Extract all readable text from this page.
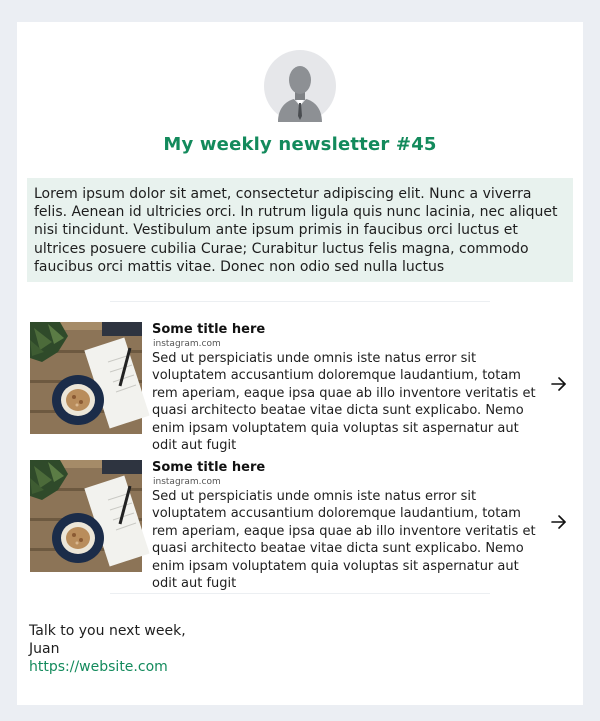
My weekly newsletter #45
Lorem ipsum dolor sit amet, consectetur adipiscing elit. Nunc a viverra felis. Aenean id ultricies orci. In rutrum ligula quis nunc lacinia, nec aliquet nisi tincidunt. Vestibulum ante ipsum primis in faucibus orci luctus et ultrices posuere cubilia Curae; Curabitur luctus felis magna, commodo faucibus orci mattis vitae. Donec non odio sed nulla luctus
Some title here
instagram.com
Sed ut perspiciatis unde omnis iste natus error sit voluptatem accusantium doloremque laudantium, totam rem aperiam, eaque ipsa quae ab illo inventore veritatis et quasi architecto beatae vitae dicta sunt explicabo. Nemo enim ipsam voluptatem quia voluptas sit aspernatur aut odit aut fugit
Some title here
instagram.com
Sed ut perspiciatis unde omnis iste natus error sit voluptatem accusantium doloremque laudantium, totam rem aperiam, eaque ipsa quae ab illo inventore veritatis et quasi architecto beatae vitae dicta sunt explicabo. Nemo enim ipsam voluptatem quia voluptas sit aspernatur aut odit aut fugit
Talk to you next week,
Juan
https://website.com
